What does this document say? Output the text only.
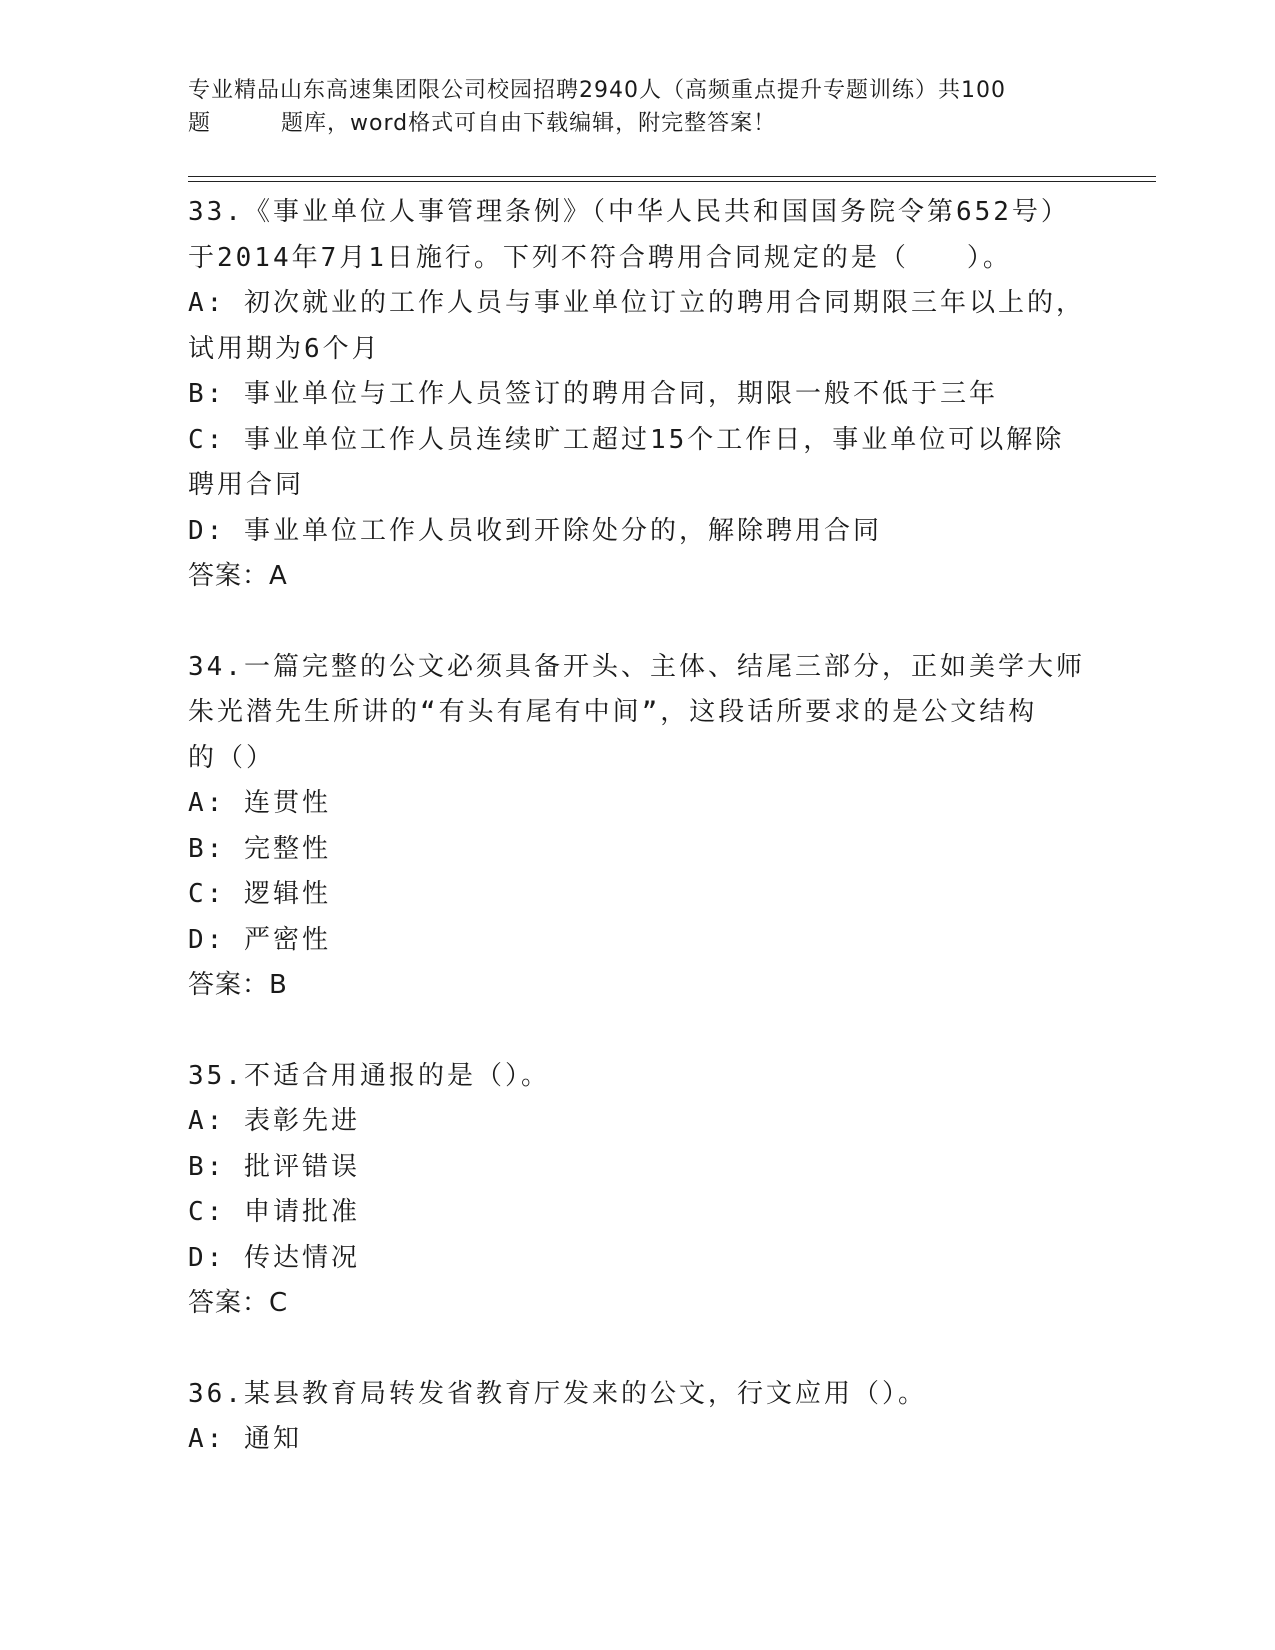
专业精品山东高速集团限公司校园招聘2940人（高频重点提升专题训练）共100
题	题库，word格式可自由下载编辑，附完整答案！

33.《事业单位人事管理条例》（中华人民共和国国务院令第652号）

于2014年7月1日施行。下列不符合聘用合同规定的是（　　）。

A: 初次就业的工作人员与事业单位订立的聘用合同期限三年以上的，

试用期为6个月

B: 事业单位与工作人员签订的聘用合同，期限一般不低于三年

C: 事业单位工作人员连续旷工超过15个工作日，事业单位可以解除

聘用合同

D: 事业单位工作人员收到开除处分的，解除聘用合同

答案：A

34.一篇完整的公文必须具备开头、主体、结尾三部分，正如美学大师

朱光潜先生所讲的“有头有尾有中间”，这段话所要求的是公文结构

的（）

A: 连贯性

B: 完整性

C: 逻辑性

D: 严密性

答案：B

35.不适合用通报的是（）。

A: 表彰先进

B: 批评错误

C: 申请批准

D: 传达情况

答案：C

36.某县教育局转发省教育厅发来的公文，行文应用（）。

A: 通知
